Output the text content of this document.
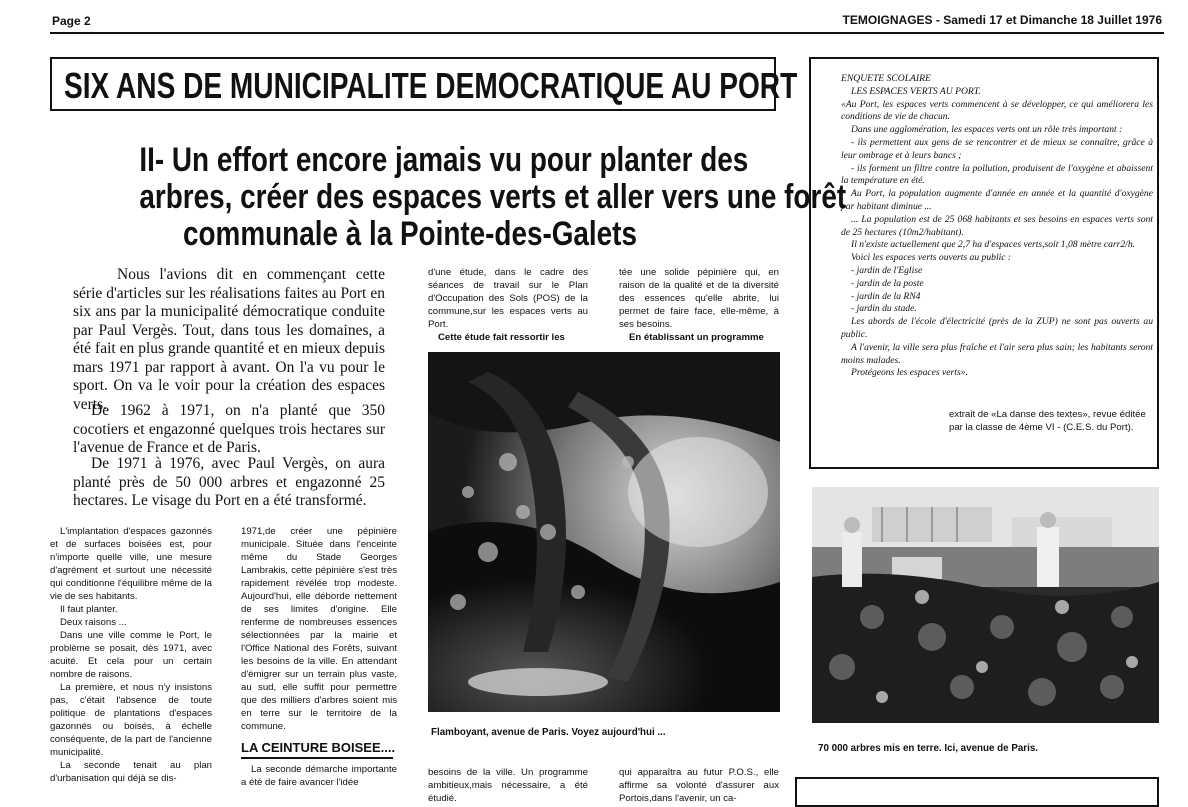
Page 2	TEMOIGNAGES - Samedi 17 et Dimanche 18 Juillet 1976
SIX ANS DE MUNICIPALITE DEMOCRATIQUE AU PORT
II- Un effort encore jamais vu pour planter des
arbres, créer des espaces verts et aller vers une forêt
communale à la Pointe-des-Galets
Nous l'avions dit en commençant cette série d'articles sur les réalisations faites au Port en six ans par la municipalité démocratique conduite par Paul Vergès. Tout, dans tous les domaines, a été fait en plus grande quantité et en mieux depuis mars 1971 par rapport à avant. On l'a vu pour le sport. On va le voir pour la création des espaces verts.
De 1962 à 1971, on n'a planté que 350 cocotiers et engazonné quelques trois hectares sur l'avenue de France et de Paris.
De 1971 à 1976, avec Paul Vergès, on aura planté près de 50 000 arbres et engazonné 25 hectares. Le visage du Port en a été transformé.

L'implantation d'espaces gazonnés et de surfaces boisées est, pour n'importe quelle ville, une mesure d'agrément et surtout une nécessité qui conditionne l'équilibre même de la vie de ses habitants.

Il faut planter.

Deux raisons ...

Dans une ville comme le Port, le problème se posait, dès 1971, avec acuité. Et cela pour un certain nombre de raisons.

La première, et nous n'y insistons pas, c'était l'absence de toute politique de plantations d'espaces gazonnés ou boisés, à échelle conséquente, de la part de l'ancienne municipalité.

La seconde tenait au plan d'urbanisation qui déjà se dis-

1971,de créer une pépinière municipale. Située dans l'enceinte même du Stade Georges Lambrakis, cette pépinière s'est très rapidement révélée trop modeste. Aujourd'hui, elle déborde nettement de ses limites d'origine. Elle renferme de nombreuses essences sélectionnées par la mairie et l'Office National des Forêts, suivant les besoins de la ville. En attendant d'émigrer sur un terrain plus vaste, au sud, elle suffit pour permettre que des milliers d'arbres soient mis en terre sur le territoire de la commune.

LA CEINTURE BOISEE....

La seconde démarche importante a été de faire avancer l'idée

d'une étude, dans le cadre des séances de travail sur le Plan d'Occupation des Sols (POS) de la commune,sur les espaces verts au Port.

Cette étude fait ressortir les

tée une solide pépinière qui, en raison de la qualité et de la diversité des essences qu'elle abrite, lui permet de faire face, elle-même, à ses besoins.

En établissant un programme

Flamboyant, avenue de Paris. Voyez aujourd'hui ...

besoins de la ville. Un programme ambitieux,mais nécessaire, a été étudié.

qui apparaîtra au futur P.O.S., elle affirme sa volonté d'assurer aux Portois,dans l'avenir, un ca-

ENQUETE SCOLAIRE
LES ESPACES VERTS AU PORT.
«Au Port, les espaces verts commencent à se développer, ce qui améliorera les conditions de vie de chacun.
Dans une agglomération, les espaces verts ont un rôle très important :
- ils permettent aux gens de se rencontrer et de mieux se connaître, grâce à leur ombrage et à leurs bancs ;
- ils forment un filtre contre la pollution, produisent de l'oxygène et abaissent la température en été.
Au Port, la population augmente d'année en année et la quantité d'oxygène par habitant diminue ...
... La population est de 25 068 habitants et ses besoins en espaces verts sont de 25 hectares (10m2/habitant).
Il n'existe actuellement que 2,7 ha d'espaces verts,soit 1,08 mètre carr2/h.
Voici les espaces verts ouverts au public :
- jardin de l'Eglise
- jardin de la poste
- jardin de la RN4
- jardin du stade.
Les abords de l'école d'électricité (près de la ZUP) ne sont pas ouverts au public.
A l'avenir, la ville sera plus fraîche et l'air sera plus sain; les habitants seront moins malades.
Protégeons les espaces verts».
extrait de «La danse des textes», revue éditée par la classe de 4ème VI - (C.E.S. du Port).
70 000 arbres mis en terre. Ici, avenue de Paris.
